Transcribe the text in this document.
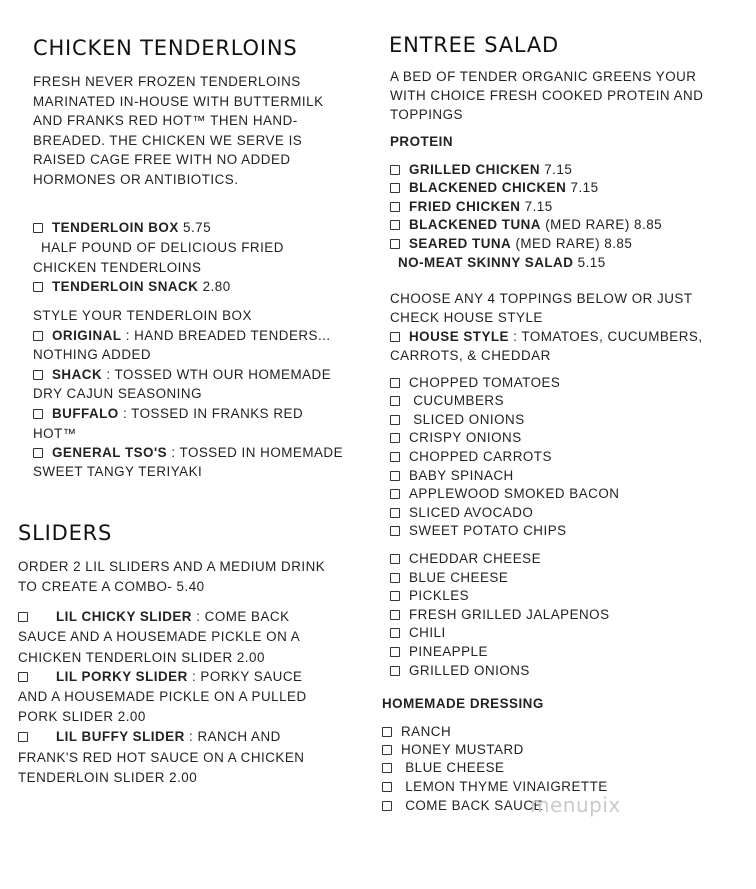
CHICKEN TENDERLOINS
FRESH NEVER FROZEN TENDERLOINS
MARINATED IN-HOUSE WITH BUTTERMILK
AND FRANKS RED HOT™ THEN HAND-
BREADED. THE CHICKEN WE SERVE IS
RAISED CAGE FREE WITH NO ADDED
HORMONES OR ANTIBIOTICS.
TENDERLOIN BOX 5.75
HALF POUND OF DELICIOUS FRIED
CHICKEN TENDERLOINS
TENDERLOIN SNACK 2.80
STYLE YOUR TENDERLOIN BOX
ORIGINAL : HAND BREADED TENDERS...
NOTHING ADDED
SHACK : TOSSED WTH OUR HOMEMADE
DRY CAJUN SEASONING
BUFFALO : TOSSED IN FRANKS RED
HOT™
GENERAL TSO'S : TOSSED IN HOMEMADE
SWEET TANGY TERIYAKI
SLIDERS
ORDER 2 LIL SLIDERS AND A MEDIUM DRINK
TO CREATE A COMBO- 5.40
LIL CHICKY SLIDER : COME BACK
SAUCE AND A HOUSEMADE PICKLE ON A
CHICKEN TENDERLOIN SLIDER 2.00
LIL PORKY SLIDER : PORKY SAUCE
AND A HOUSEMADE PICKLE ON A PULLED
PORK SLIDER 2.00
LIL BUFFY SLIDER : RANCH AND
FRANK'S RED HOT SAUCE ON A CHICKEN
TENDERLOIN SLIDER 2.00
ENTREE SALAD
A BED OF TENDER ORGANIC GREENS YOUR
WITH CHOICE FRESH COOKED PROTEIN AND
TOPPINGS
PROTEIN
GRILLED CHICKEN 7.15
BLACKENED CHICKEN 7.15
FRIED CHICKEN 7.15
BLACKENED TUNA (MED RARE) 8.85
SEARED TUNA (MED RARE) 8.85
NO-MEAT SKINNY SALAD 5.15
CHOOSE ANY 4 TOPPINGS BELOW OR JUST
CHECK HOUSE STYLE
HOUSE STYLE : TOMATOES, CUCUMBERS,
CARROTS, & CHEDDAR
CHOPPED TOMATOES
CUCUMBERS
SLICED ONIONS
CRISPY ONIONS
CHOPPED CARROTS
BABY SPINACH
APPLEWOOD SMOKED BACON
SLICED AVOCADO
SWEET POTATO CHIPS
CHEDDAR CHEESE
BLUE CHEESE
PICKLES
FRESH GRILLED JALAPENOS
CHILI
PINEAPPLE
GRILLED ONIONS
HOMEMADE DRESSING
RANCH
HONEY MUSTARD
BLUE CHEESE
LEMON THYME VINAIGRETTE
COME BACK SAUCE
menupix
